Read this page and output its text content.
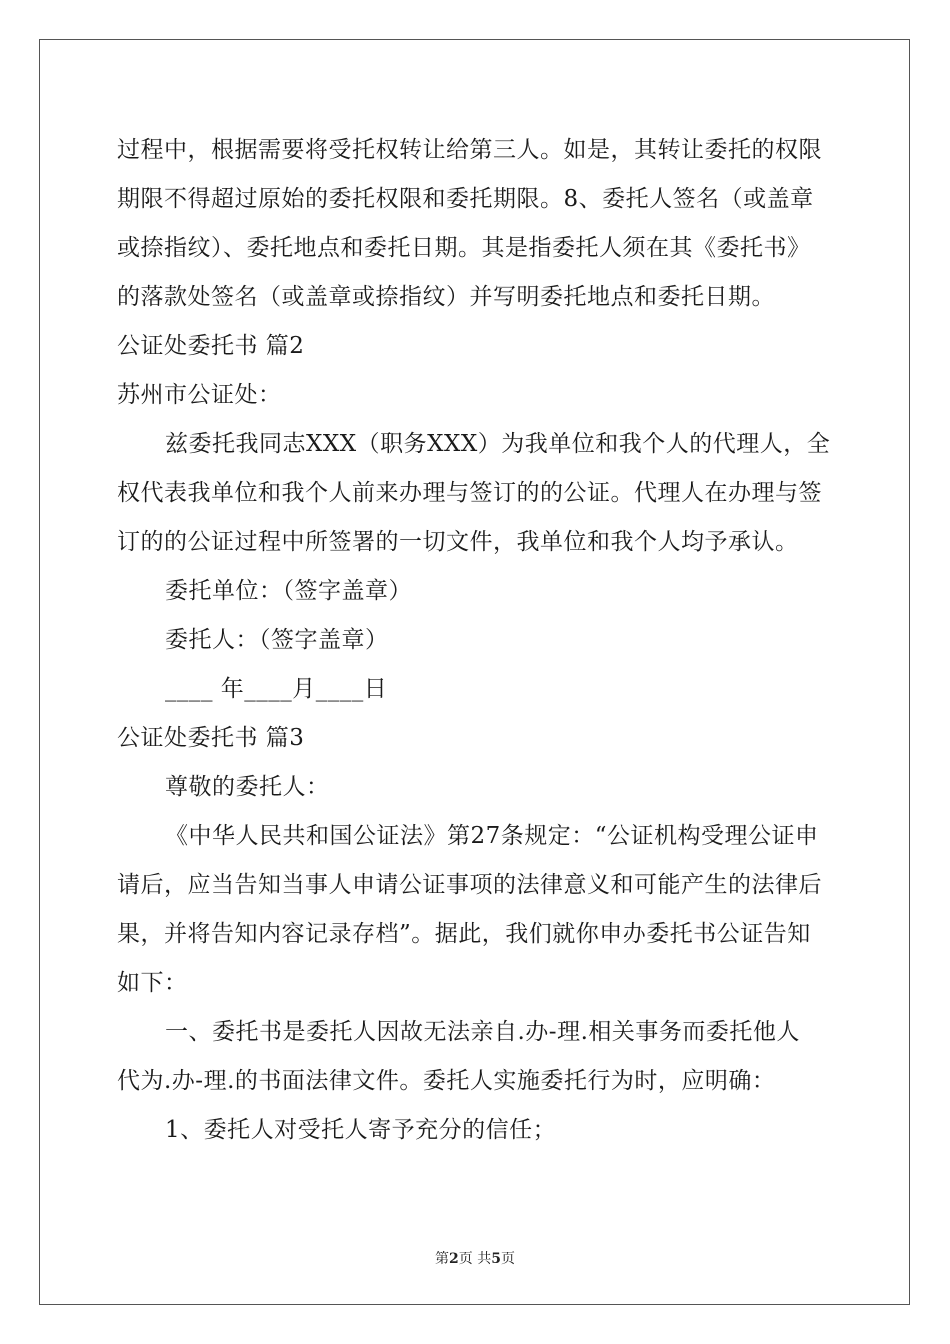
过程中，根据需要将受托权转让给第三人。如是，其转让委托的权限
期限不得超过原始的委托权限和委托期限。8、委托人签名（或盖章
或捺指纹）、委托地点和委托日期。其是指委托人须在其《委托书》
的落款处签名（或盖章或捺指纹）并写明委托地点和委托日期。
公证处委托书 篇2
苏州市公证处：
兹委托我同志XXX（职务XXX）为我单位和我个人的代理人，全
权代表我单位和我个人前来办理与签订的的公证。代理人在办理与签
订的的公证过程中所签署的一切文件，我单位和我个人均予承认。
委托单位：（签字盖章）
委托人：（签字盖章）
____ 年____月____日
公证处委托书 篇3
尊敬的委托人：
《中华人民共和国公证法》第27条规定：“公证机构受理公证申
请后，应当告知当事人申请公证事项的法律意义和可能产生的法律后
果，并将告知内容记录存档”。据此，我们就你申办委托书公证告知
如下：
一、委托书是委托人因故无法亲自.办-理.相关事务而委托他人
代为.办-理.的书面法律文件。委托人实施委托行为时，应明确：
1、委托人对受托人寄予充分的信任；
第2页 共5页
